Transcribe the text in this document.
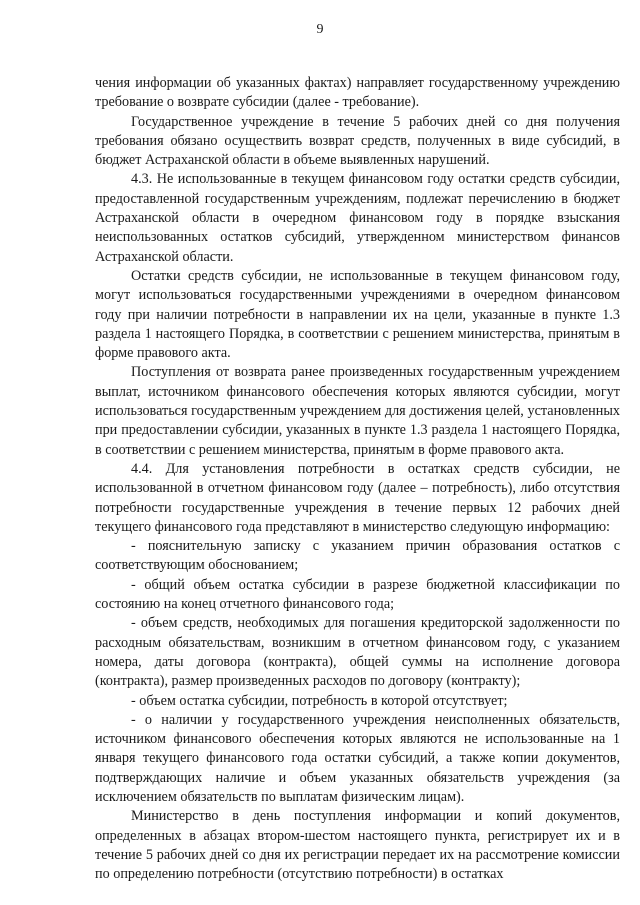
9

чения информации об указанных фактах) направляет государственному учреждению требование о возврате субсидии (далее - требование).

Государственное учреждение в течение 5 рабочих дней со дня получения требования обязано осуществить возврат средств, полученных в виде субсидий, в бюджет Астраханской области в объеме выявленных нарушений.

4.3. Не использованные в текущем финансовом году остатки средств субсидии, предоставленной государственным учреждениям, подлежат перечислению в бюджет Астраханской области в очередном финансовом году в порядке взыскания неиспользованных остатков субсидий, утвержденном министерством финансов Астраханской области.

Остатки средств субсидии, не использованные в текущем финансовом году, могут использоваться государственными учреждениями в очередном финансовом году при наличии потребности в направлении их на цели, указанные в пункте 1.3 раздела 1 настоящего Порядка, в соответствии с решением министерства, принятым в форме правового акта.

Поступления от возврата ранее произведенных государственным учреждением выплат, источником финансового обеспечения которых являются субсидии, могут использоваться государственным учреждением для достижения целей, установленных при предоставлении субсидии, указанных в пункте 1.3 раздела 1 настоящего Порядка, в соответствии с решением министерства, принятым в форме правового акта.

4.4. Для установления потребности в остатках средств субсидии, не использованной в отчетном финансовом году (далее – потребность), либо отсутствия потребности государственные учреждения в течение первых 12 рабочих дней текущего финансового года представляют в министерство следующую информацию:

- пояснительную записку с указанием причин образования остатков с соответствующим обоснованием;

- общий объем остатка субсидии в разрезе бюджетной классификации по состоянию на конец отчетного финансового года;

- объем средств, необходимых для погашения кредиторской задолженности по расходным обязательствам, возникшим в отчетном финансовом году, с указанием номера, даты договора (контракта), общей суммы на исполнение договора (контракта), размер произведенных расходов по договору (контракту);

- объем остатка субсидии, потребность в которой отсутствует;

- о наличии у государственного учреждения неисполненных обязательств, источником финансового обеспечения которых являются не использованные на 1 января текущего финансового года остатки субсидий, а также копии документов, подтверждающих наличие и объем указанных обязательств учреждения (за исключением обязательств по выплатам физическим лицам).

Министерство в день поступления информации и копий документов, определенных в абзацах втором-шестом настоящего пункта, регистрирует их и в течение 5 рабочих дней со дня их регистрации передает их на рассмотрение комиссии по определению потребности (отсутствию потребности) в остатках
